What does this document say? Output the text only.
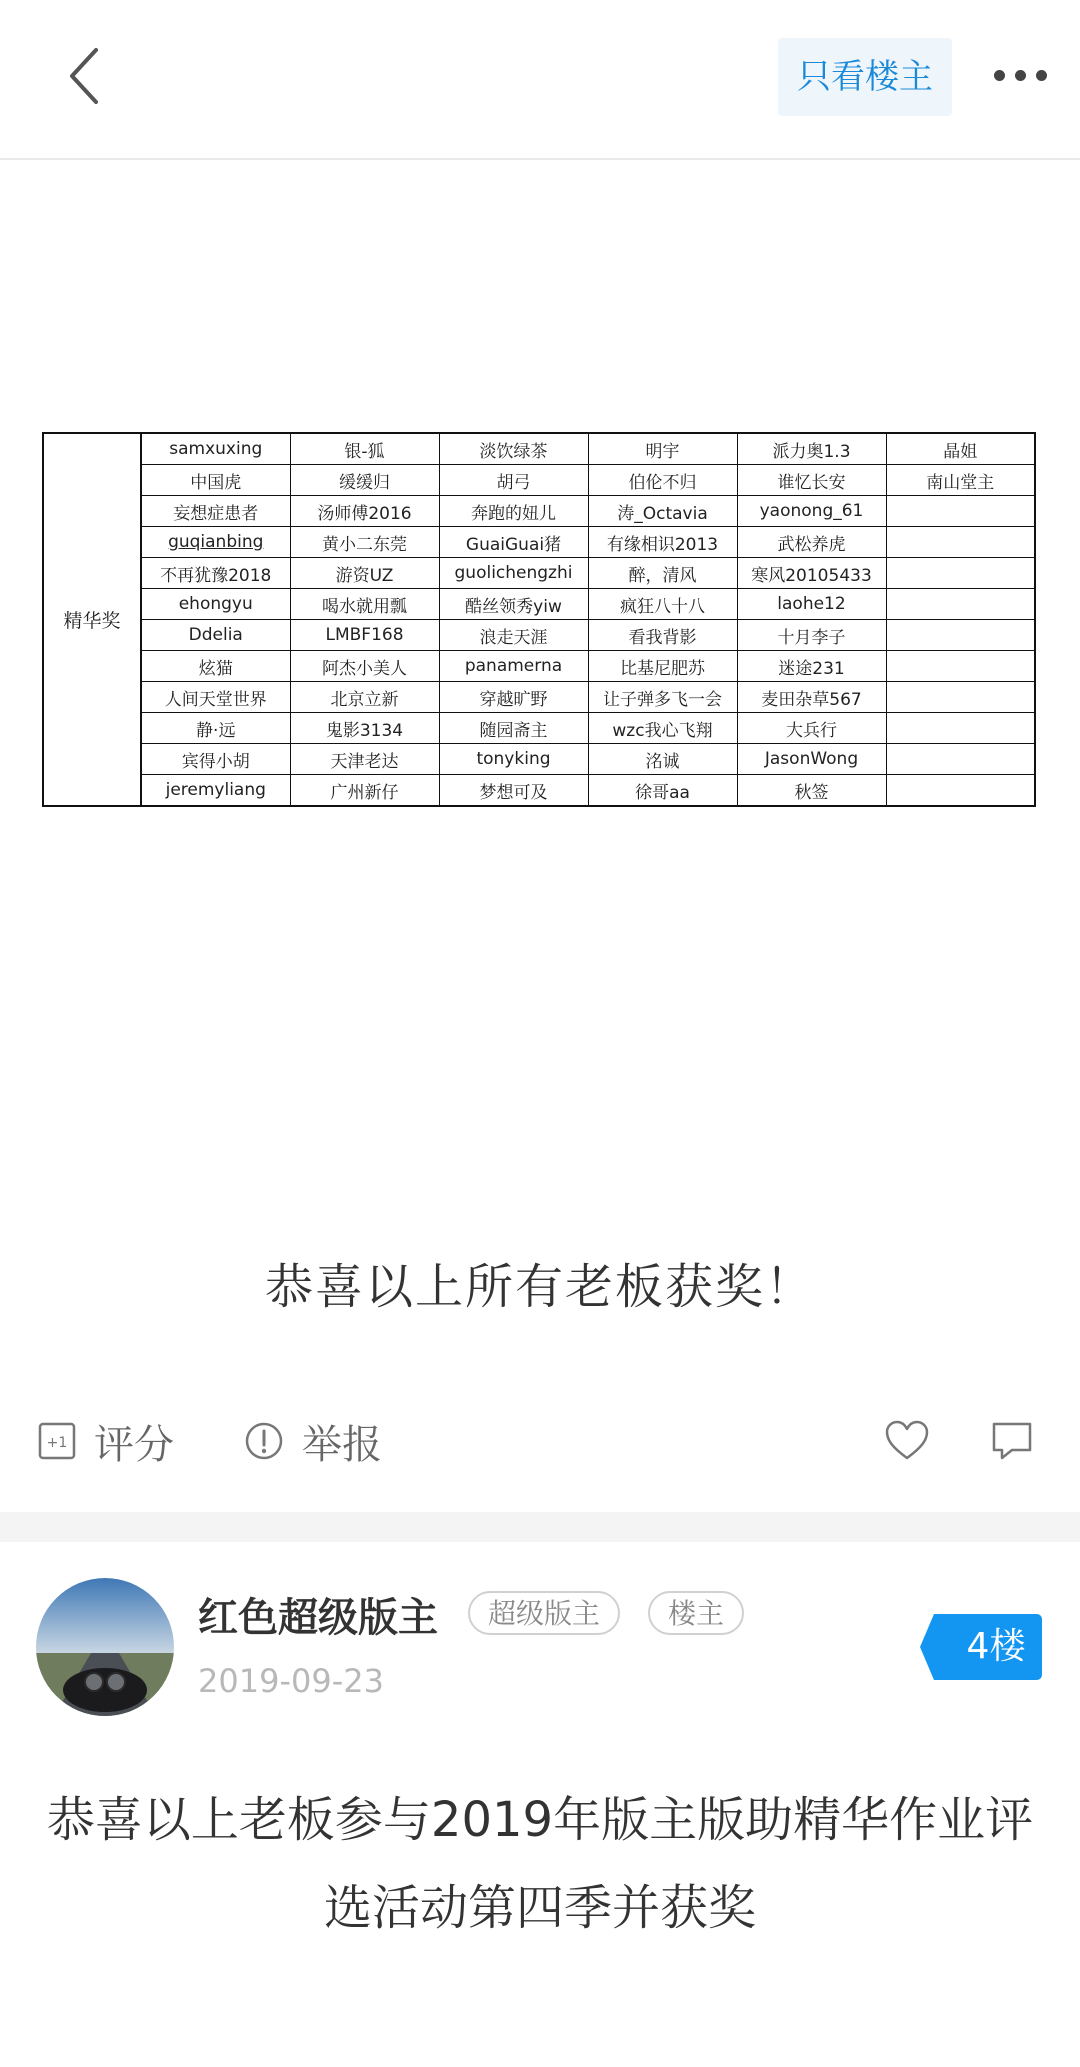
只看楼主
精华奖	samxuxing	银-狐	淡饮绿茶	明宇	派力奥1.3	晶姐
	中国虎	缓缓归	胡弓	伯伦不归	谁忆长安	南山堂主
	妄想症患者	汤师傅2016	奔跑的妞儿	涛_Octavia	yaonong_61	
	guqianbing	黄小二东莞	GuaiGuai猪	有缘相识2013	武松养虎	
	不再犹豫2018	游资UZ	guolichengzhi	醉，清风	寒风20105433	
	ehongyu	喝水就用瓢	酷丝领秀yiw	疯狂八十八	laohe12	
	Ddelia	LMBF168	浪走天涯	看我背影	十月李子	
	炫猫	阿杰小美人	panamerna	比基尼肥苏	迷途231	
	人间天堂世界	北京立新	穿越旷野	让子弹多飞一会	麦田杂草567	
	静·远	鬼影3134	随园斋主	wzc我心飞翔	大兵行	
	宾得小胡	天津老达	tonyking	洺诚	JasonWong	
	jeremyliang	广州新仔	梦想可及	徐哥aa	秋签	
恭喜以上所有老板获奖！
+1 评分	举报
红色超级版主	超级版主	楼主
2019-09-23
4楼
恭喜以上老板参与2019年版主版助精华作业评选活动第四季并获奖
